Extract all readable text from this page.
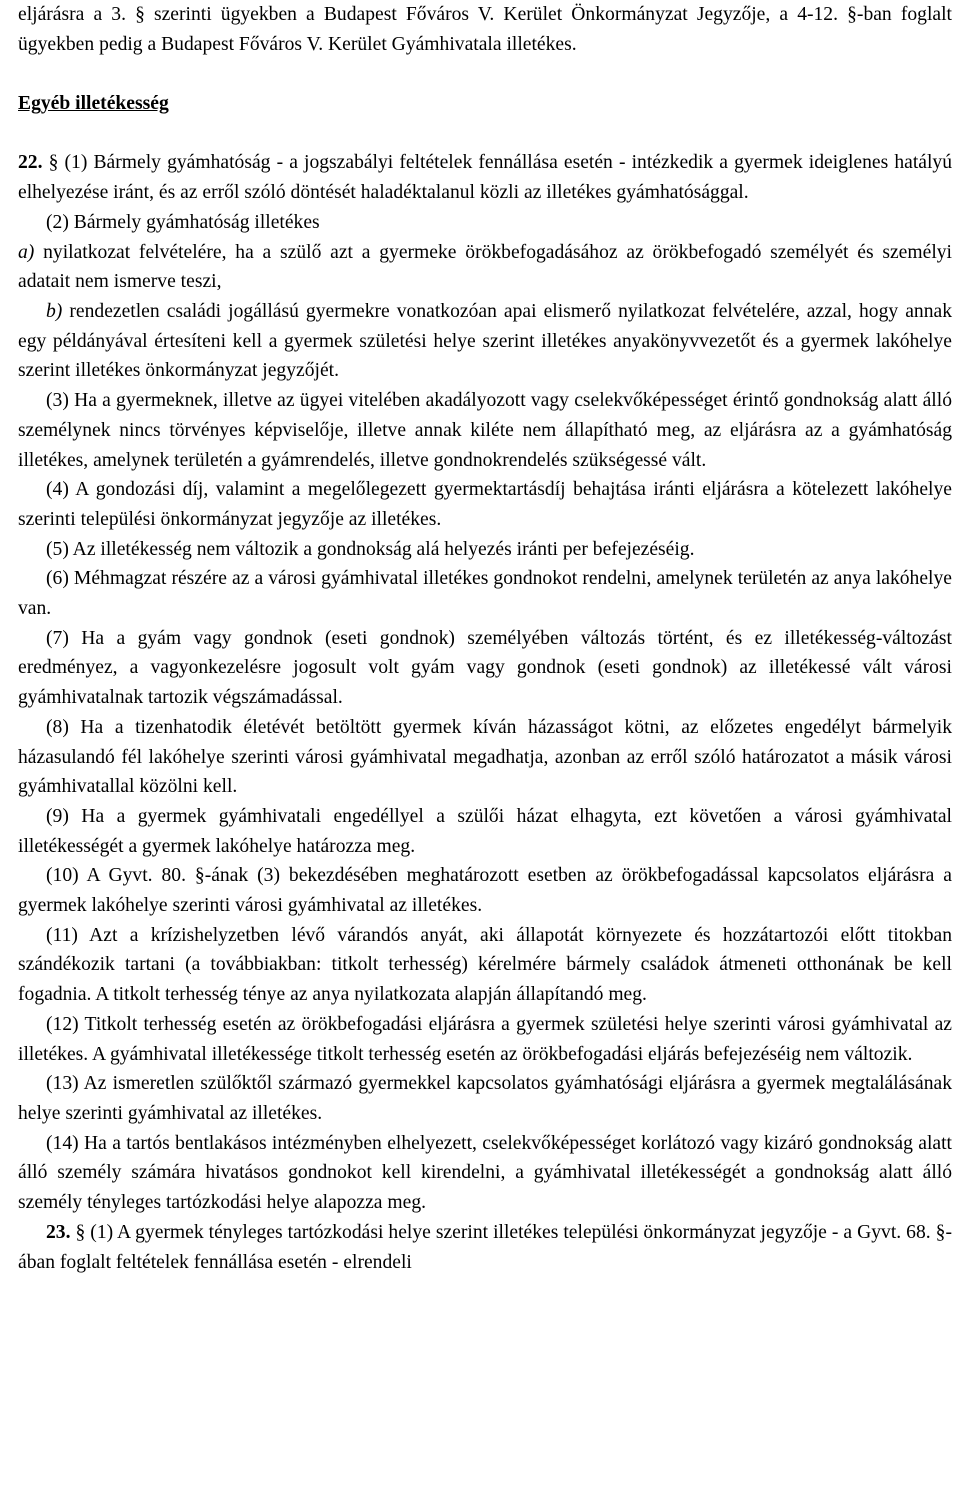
eljárásra a 3. § szerinti ügyekben a Budapest Főváros V. Kerület Önkormányzat Jegyzője, a 4-12. §-ban foglalt ügyekben pedig a Budapest Főváros V. Kerület Gyámhivatala illetékes.

Egyéb illetékesség

22. § (1) Bármely gyámhatóság - a jogszabályi feltételek fennállása esetén - intézkedik a gyermek ideiglenes hatályú elhelyezése iránt, és az erről szóló döntését haladéktalanul közli az illetékes gyámhatósággal.

(2) Bármely gyámhatóság illetékes

a) nyilatkozat felvételére, ha a szülő azt a gyermeke örökbefogadásához az örökbefogadó személyét és személyi adatait nem ismerve teszi,

b) rendezetlen családi jogállású gyermekre vonatkozóan apai elismerő nyilatkozat felvételére, azzal, hogy annak egy példányával értesíteni kell a gyermek születési helye szerint illetékes anyakönyvvezetőt és a gyermek lakóhelye szerint illetékes önkormányzat jegyzőjét.

(3) Ha a gyermeknek, illetve az ügyei vitelében akadályozott vagy cselekvőképességet érintő gondnokság alatt álló személynek nincs törvényes képviselője, illetve annak kiléte nem állapítható meg, az eljárásra az a gyámhatóság illetékes, amelynek területén a gyámrendelés, illetve gondnokrendelés szükségessé vált.

(4) A gondozási díj, valamint a megelőlegezett gyermektartásdíj behajtása iránti eljárásra a kötelezett lakóhelye szerinti települési önkormányzat jegyzője az illetékes.

(5) Az illetékesség nem változik a gondnokság alá helyezés iránti per befejezéséig.

(6) Méhmagzat részére az a városi gyámhivatal illetékes gondnokot rendelni, amelynek területén az anya lakóhelye van.

(7) Ha a gyám vagy gondnok (eseti gondnok) személyében változás történt, és ez illetékesség-változást eredményez, a vagyonkezelésre jogosult volt gyám vagy gondnok (eseti gondnok) az illetékessé vált városi gyámhivatalnak tartozik végszámadással.

(8) Ha a tizenhatodik életévét betöltött gyermek kíván házasságot kötni, az előzetes engedélyt bármelyik házasulandó fél lakóhelye szerinti városi gyámhivatal megadhatja, azonban az erről szóló határozatot a másik városi gyámhivatallal közölni kell.

(9) Ha a gyermek gyámhivatali engedéllyel a szülői házat elhagyta, ezt követően a városi gyámhivatal illetékességét a gyermek lakóhelye határozza meg.

(10) A Gyvt. 80. §-ának (3) bekezdésében meghatározott esetben az örökbefogadással kapcsolatos eljárásra a gyermek lakóhelye szerinti városi gyámhivatal az illetékes.

(11) Azt a krízishelyzetben lévő várandós anyát, aki állapotát környezete és hozzátartozói előtt titokban szándékozik tartani (a továbbiakban: titkolt terhesség) kérelmére bármely családok átmeneti otthonának be kell fogadnia. A titkolt terhesség ténye az anya nyilatkozata alapján állapítandó meg.

(12) Titkolt terhesség esetén az örökbefogadási eljárásra a gyermek születési helye szerinti városi gyámhivatal az illetékes. A gyámhivatal illetékessége titkolt terhesség esetén az örökbefogadási eljárás befejezéséig nem változik.

(13) Az ismeretlen szülőktől származó gyermekkel kapcsolatos gyámhatósági eljárásra a gyermek megtalálásának helye szerinti gyámhivatal az illetékes.

(14) Ha a tartós bentlakásos intézményben elhelyezett, cselekvőképességet korlátozó vagy kizáró gondnokság alatt álló személy számára hivatásos gondnokot kell kirendelni, a gyámhivatal illetékességét a gondnokság alatt álló személy tényleges tartózkodási helye alapozza meg.

23. § (1) A gyermek tényleges tartózkodási helye szerint illetékes települési önkormányzat jegyzője - a Gyvt. 68. §-ában foglalt feltételek fennállása esetén - elrendeli
